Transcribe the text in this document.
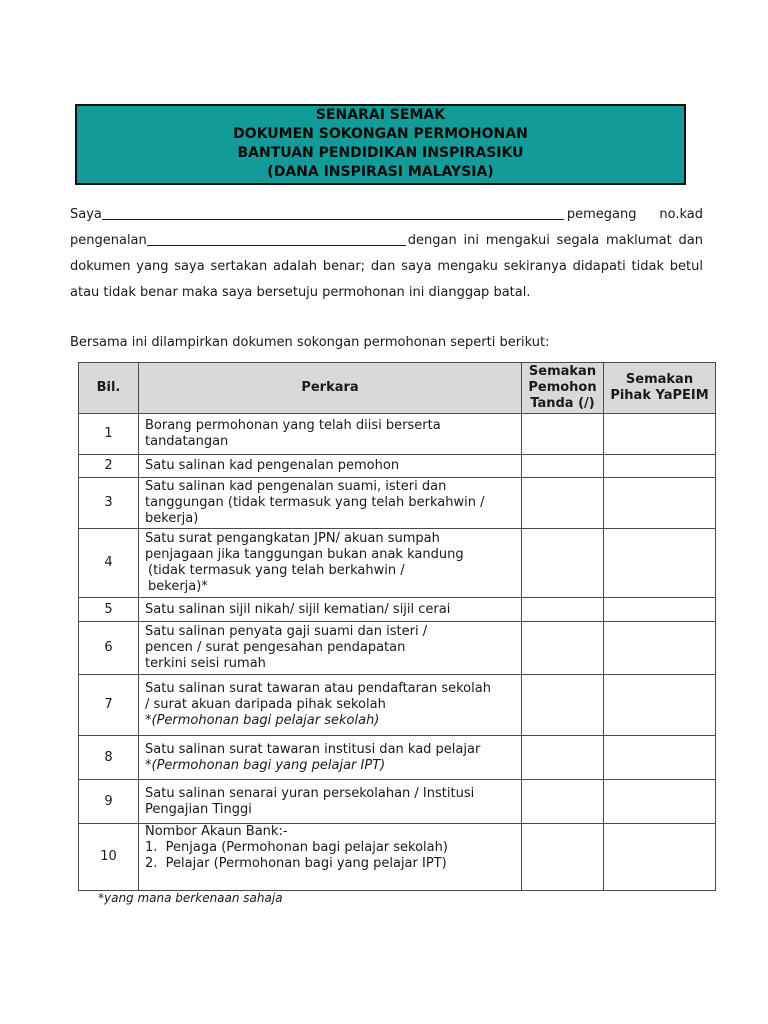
SENARAI SEMAK
DOKUMEN SOKONGAN PERMOHONAN
BANTUAN PENDIDIKAN INSPIRASIKU
(DANA INSPIRASI MALAYSIA)
Saya	pemegang no.kad
pengenalan	dengan ini mengakui segala maklumat dan
dokumen yang saya sertakan adalah benar; dan saya mengaku sekiranya didapati tidak betul
atau tidak benar maka saya bersetuju permohonan ini dianggap batal.
Bersama ini dilampirkan dokumen sokongan permohonan seperti berikut:
Bil.	Perkara	Semakan
Pemohon
Tanda (/)	Semakan
Pihak YaPEIM

1	Borang permohonan yang telah diisi berserta
tandatangan		

2	Satu salinan kad pengenalan pemohon		

3	Satu salinan kad pengenalan suami, isteri dan
tanggungan (tidak termasuk yang telah berkahwin /
bekerja)		

4	Satu surat pengangkatan JPN/ akuan sumpah
penjagaan jika tanggungan bukan anak kandung
(tidak termasuk yang telah berkahwin /
bekerja)*		

5	Satu salinan sijil nikah/ sijil kematian/ sijil cerai		

6	Satu salinan penyata gaji suami dan isteri /
pencen / surat pengesahan pendapatan
terkini seisi rumah		

7	Satu salinan surat tawaran atau pendaftaran sekolah
/ surat akuan daripada pihak sekolah
*(Permohonan bagi pelajar sekolah)		

8	Satu salinan surat tawaran institusi dan kad pelajar
*(Permohonan bagi yang pelajar IPT)		

9	Satu salinan senarai yuran persekolahan / Institusi
Pengajian Tinggi		

10	Nombor Akaun Bank:-
1.  Penjaga (Permohonan bagi pelajar sekolah)
2.  Pelajar (Permohonan bagi yang pelajar IPT)		

*yang mana berkenaan sahaja
